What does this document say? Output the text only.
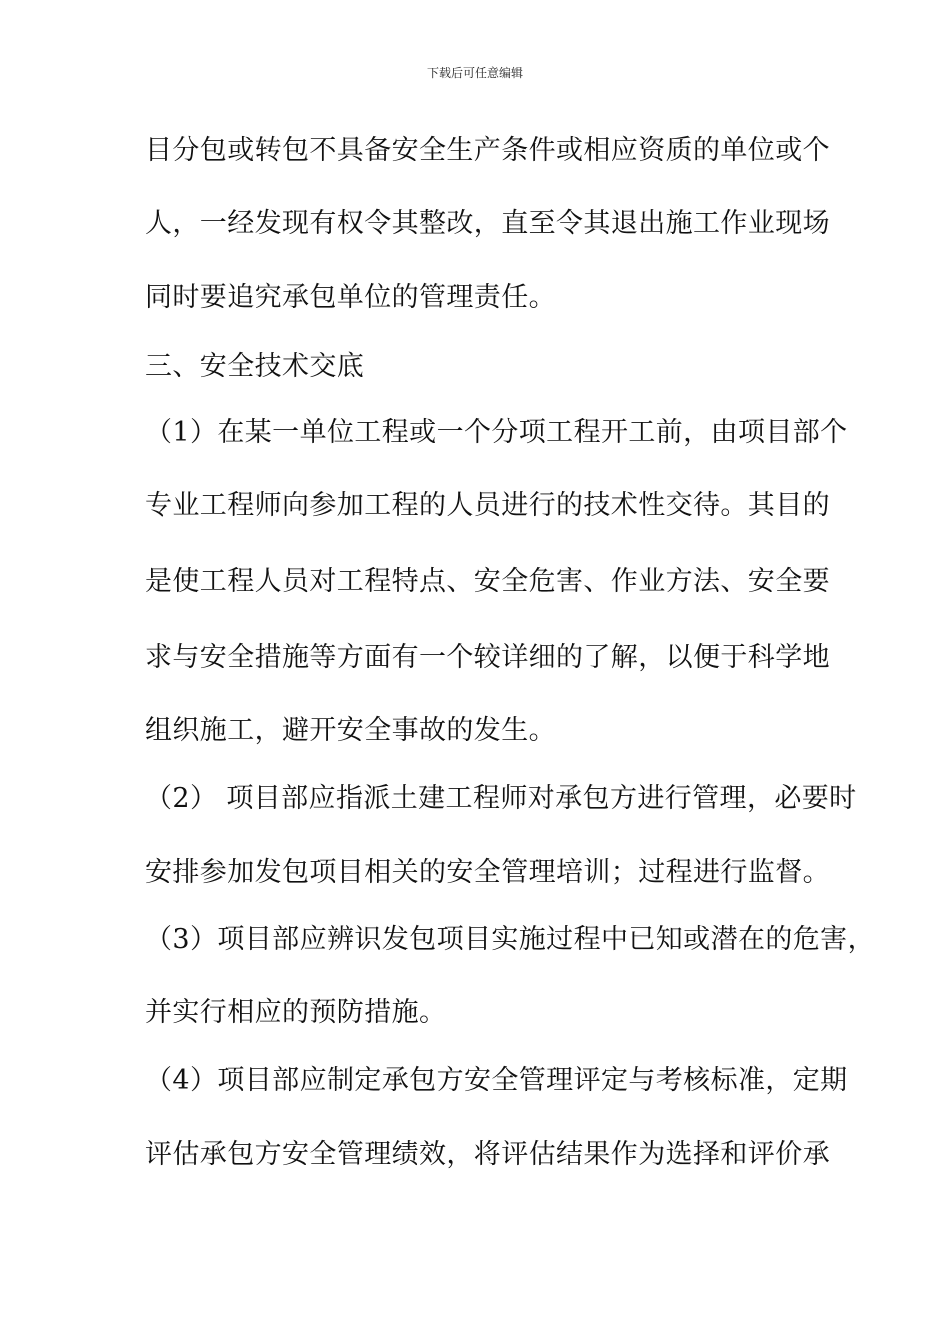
下载后可任意编辑
目分包或转包不具备安全生产条件或相应资质的单位或个
人，一经发现有权令其整改，直至令其退出施工作业现场
同时要追究承包单位的管理责任。
三、安全技术交底
（1）在某一单位工程或一个分项工程开工前，由项目部个
专业工程师向参加工程的人员进行的技术性交待。其目的
是使工程人员对工程特点、安全危害、作业方法、安全要
求与安全措施等方面有一个较详细的了解，以便于科学地
组织施工，避开安全事故的发生。
（2） 项目部应指派土建工程师对承包方进行管理，必要时
安排参加发包项目相关的安全管理培训；过程进行监督。
（3）项目部应辨识发包项目实施过程中已知或潜在的危害，
并实行相应的预防措施。
（4）项目部应制定承包方安全管理评定与考核标准，定期
评估承包方安全管理绩效，将评估结果作为选择和评价承
